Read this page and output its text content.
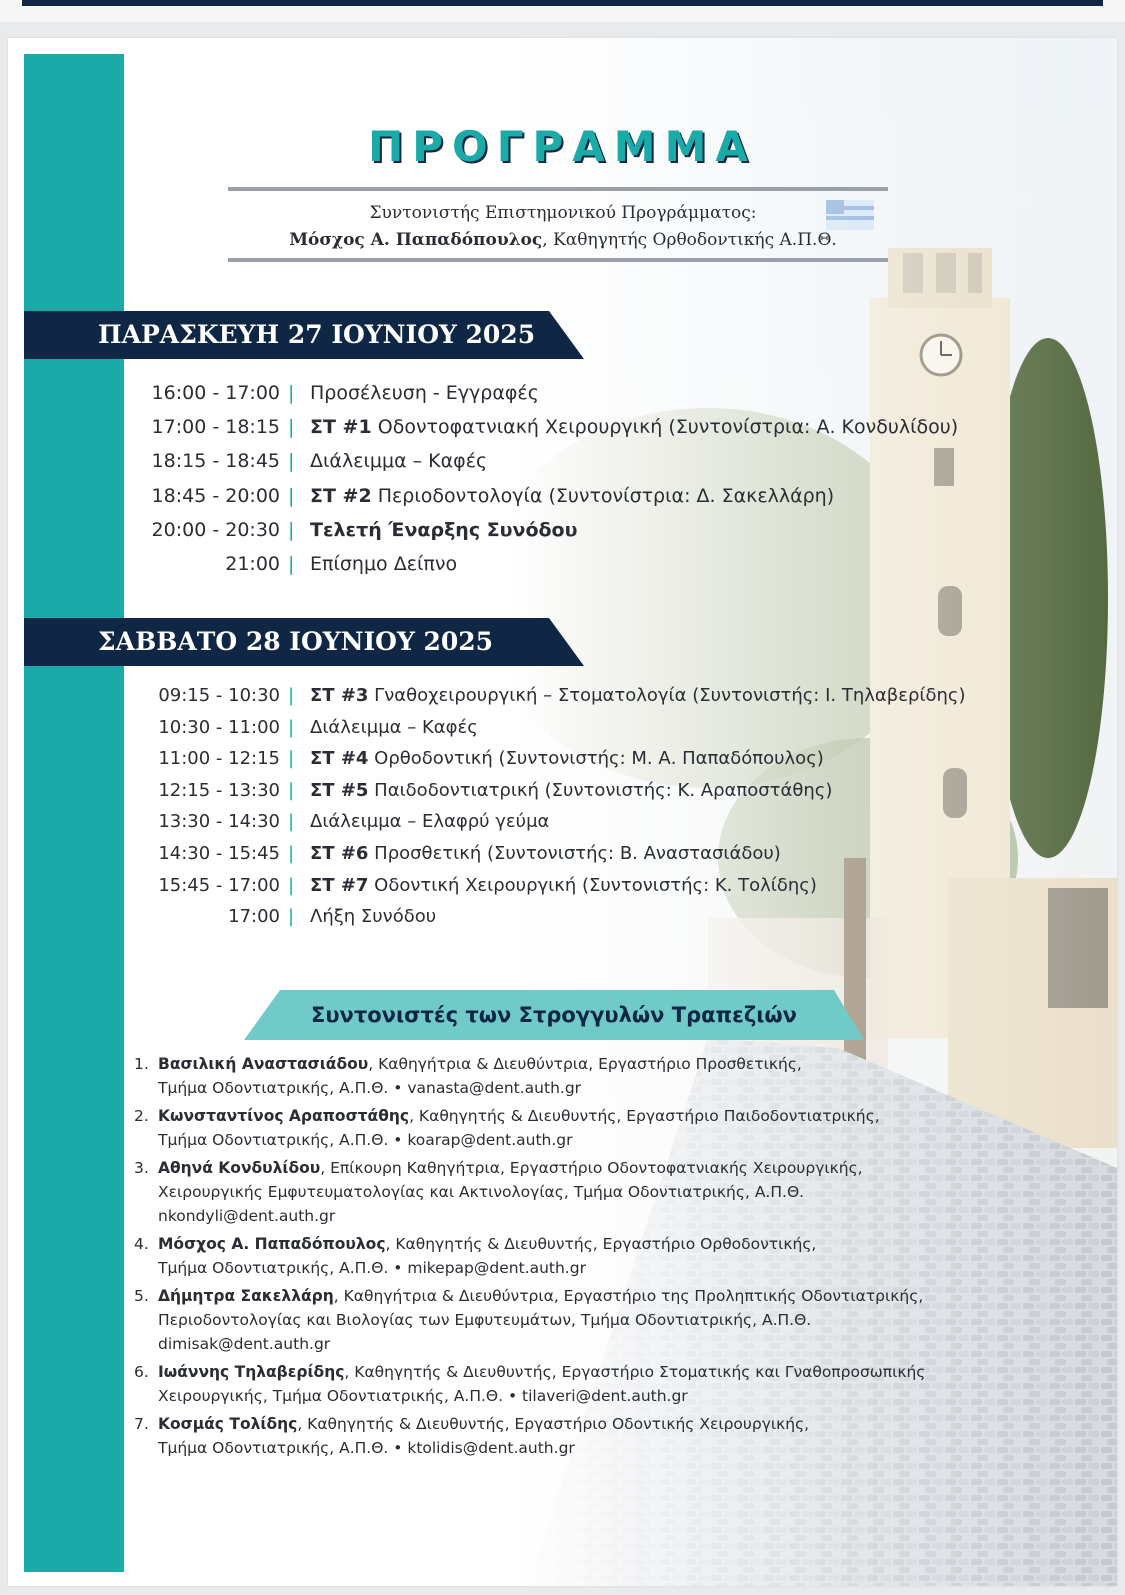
ΠΡΟΓΡΑΜΜΑ
Συντονιστής Επιστημονικού Προγράμματος:
Μόσχος Α. Παπαδόπουλος, Καθηγητής Ορθοδοντικής Α.Π.Θ.
ΠΑΡΑΣΚΕΥΗ 27 ΙΟΥΝΙΟΥ 2025
16:00 - 17:00 | Προσέλευση - Εγγραφές
17:00 - 18:15 | ΣΤ #1 Οδοντοφατνιακή Χειρουργική (Συντονίστρια: Α. Κονδυλίδου)
18:15 - 18:45 | Διάλειμμα – Καφές
18:45 - 20:00 | ΣΤ #2 Περιοδοντολογία (Συντονίστρια: Δ. Σακελλάρη)
20:00 - 20:30 | Τελετή Έναρξης Συνόδου
21:00 | Επίσημο Δείπνο
ΣΑΒΒΑΤΟ 28 ΙΟΥΝΙΟΥ 2025
09:15 - 10:30 | ΣΤ #3 Γναθοχειρουργική – Στοματολογία (Συντονιστής: Ι. Τηλαβερίδης)
10:30 - 11:00 | Διάλειμμα – Καφές
11:00 - 12:15 | ΣΤ #4 Ορθοδοντική (Συντονιστής: Μ. Α. Παπαδόπουλος)
12:15 - 13:30 | ΣΤ #5 Παιδοδοντιατρική (Συντονιστής: Κ. Αραποστάθης)
13:30 - 14:30 | Διάλειμμα – Ελαφρύ γεύμα
14:30 - 15:45 | ΣΤ #6 Προσθετική (Συντονιστής: Β. Αναστασιάδου)
15:45 - 17:00 | ΣΤ #7 Οδοντική Χειρουργική (Συντονιστής: Κ. Τολίδης)
17:00 | Λήξη Συνόδου
Συντονιστές των Στρογγυλών Τραπεζιών
1. Βασιλική Αναστασιάδου, Καθηγήτρια & Διευθύντρια, Εργαστήριο Προσθετικής,
Τμήμα Οδοντιατρικής, Α.Π.Θ. • vanasta@dent.auth.gr
2. Κωνσταντίνος Αραποστάθης, Καθηγητής & Διευθυντής, Εργαστήριο Παιδοδοντιατρικής,
Τμήμα Οδοντιατρικής, Α.Π.Θ. • koarap@dent.auth.gr
3. Αθηνά Κονδυλίδου, Επίκουρη Καθηγήτρια, Εργαστήριο Οδοντοφατνιακής Χειρουργικής,
Χειρουργικής Εμφυτευματολογίας και Ακτινολογίας, Τμήμα Οδοντιατρικής, Α.Π.Θ.
nkondyli@dent.auth.gr
4. Μόσχος Α. Παπαδόπουλος, Καθηγητής & Διευθυντής, Εργαστήριο Ορθοδοντικής,
Τμήμα Οδοντιατρικής, Α.Π.Θ. • mikepap@dent.auth.gr
5. Δήμητρα Σακελλάρη, Καθηγήτρια & Διευθύντρια, Εργαστήριο της Προληπτικής Οδοντιατρικής,
Περιοδοντολογίας και Βιολογίας των Εμφυτευμάτων, Τμήμα Οδοντιατρικής, Α.Π.Θ.
dimisak@dent.auth.gr
6. Ιωάννης Τηλαβερίδης, Καθηγητής & Διευθυντής, Εργαστήριο Στοματικής και Γναθοπροσωπικής
Χειρουργικής, Τμήμα Οδοντιατρικής, Α.Π.Θ. • tilaveri@dent.auth.gr
7. Κοσμάς Τολίδης, Καθηγητής & Διευθυντής, Εργαστήριο Οδοντικής Χειρουργικής,
Τμήμα Οδοντιατρικής, Α.Π.Θ. • ktolidis@dent.auth.gr
